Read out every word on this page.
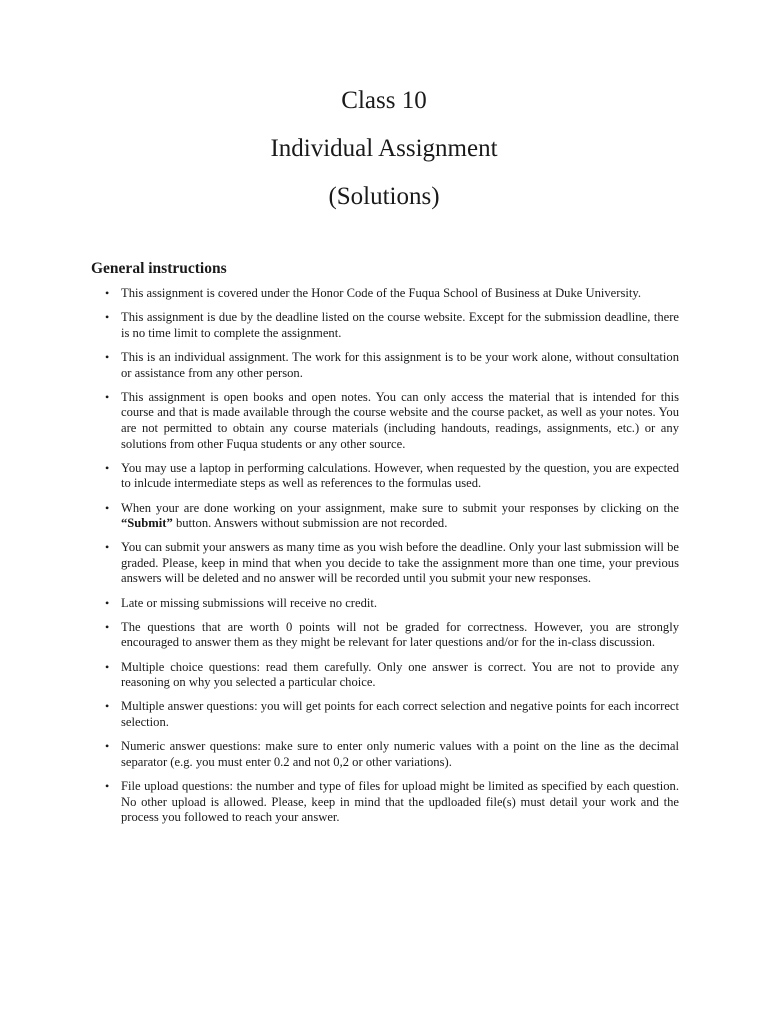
Class 10
Individual Assignment
(Solutions)
General instructions
• This assignment is covered under the Honor Code of the Fuqua School of Business at Duke University.
• This assignment is due by the deadline listed on the course website. Except for the submission deadline, there is no time limit to complete the assignment.
• This is an individual assignment. The work for this assignment is to be your work alone, without consultation or assistance from any other person.
• This assignment is open books and open notes. You can only access the material that is intended for this course and that is made available through the course website and the course packet, as well as your notes. You are not permitted to obtain any course materials (including handouts, readings, assignments, etc.) or any solutions from other Fuqua students or any other source.
• You may use a laptop in performing calculations. However, when requested by the question, you are expected to inlcude intermediate steps as well as references to the formulas used.
• When your are done working on your assignment, make sure to submit your responses by clicking on the “Submit” button. Answers without submission are not recorded.
• You can submit your answers as many time as you wish before the deadline. Only your last submission will be graded. Please, keep in mind that when you decide to take the assignment more than one time, your previous answers will be deleted and no answer will be recorded until you submit your new responses.
• Late or missing submissions will receive no credit.
• The questions that are worth 0 points will not be graded for correctness. However, you are strongly encouraged to answer them as they might be relevant for later questions and/or for the in-class discussion.
• Multiple choice questions: read them carefully. Only one answer is correct. You are not to provide any reasoning on why you selected a particular choice.
• Multiple answer questions: you will get points for each correct selection and negative points for each incorrect selection.
• Numeric answer questions: make sure to enter only numeric values with a point on the line as the decimal separator (e.g. you must enter 0.2 and not 0,2 or other variations).
• File upload questions: the number and type of files for upload might be limited as specified by each question. No other upload is allowed. Please, keep in mind that the updloaded file(s) must detail your work and the process you followed to reach your answer.
